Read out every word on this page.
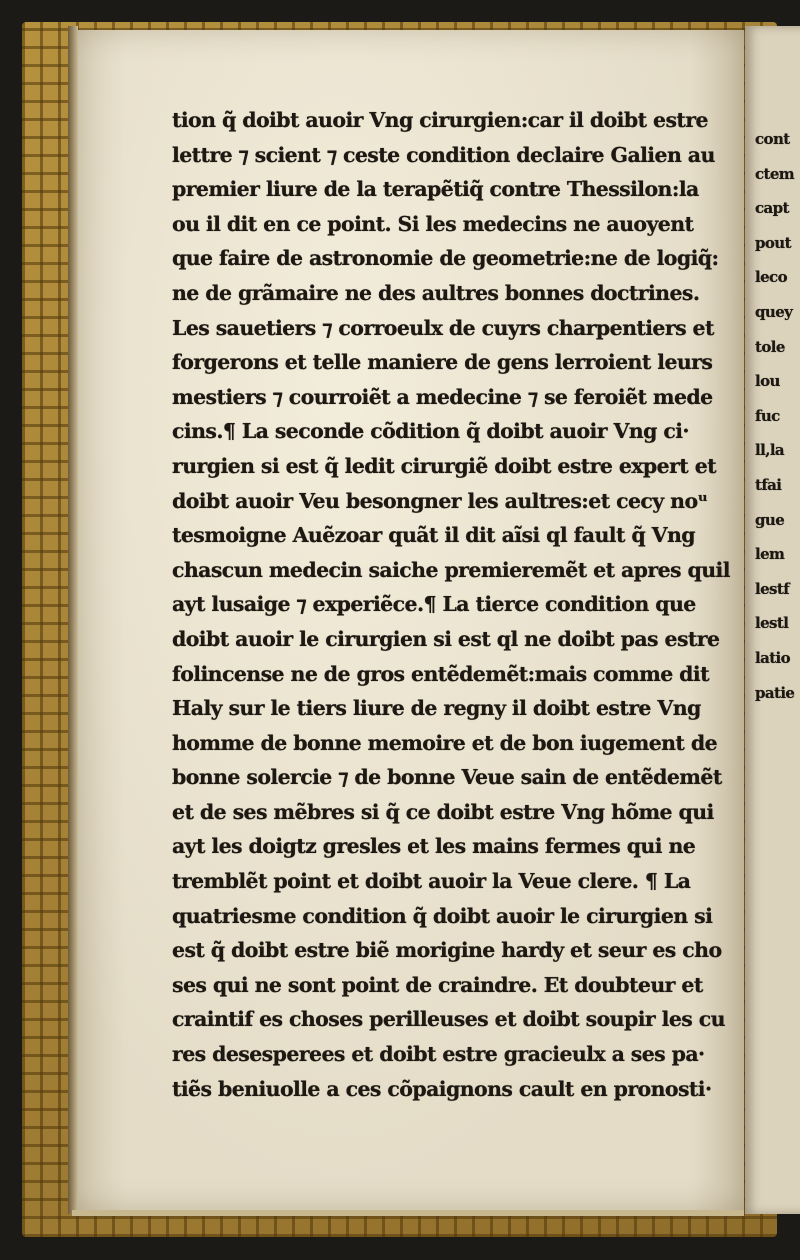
cont
ctem
capt
pout
leco
quey
tole
lou
fuc
ll,la
tfai
gue
lem
lestf
lestl
latio
patie
tion q̃ doibt auoir Vng cirurgien:car il doibt estre
lettre ⁊ scient ⁊ ceste condition declaire Galien au
premier liure de la terapẽtiq̃ contre Thessilon:la
ou il dit en ce point. Si les medecins ne auoyent
que faire de astronomie de geometrie:ne de logiq̃:
ne de grãmaire ne des aultres bonnes doctrines.
Les sauetiers ⁊ corroeulx de cuyrs charpentiers et
forgerons et telle maniere de gens lerroient leurs
mestiers ⁊ courroiẽt a medecine ⁊ se feroiẽt mede
cins.¶ La seconde cõdition q̃ doibt auoir Vng ci·
rurgien si est q̃ ledit cirurgiẽ doibt estre expert et
doibt auoir Veu besongner les aultres:et cecy noᵘ
tesmoigne Auẽzoar quãt il dit aĩsi ql fault q̃ Vng
chascun medecin saiche premieremẽt et apres quil
ayt lusaige ⁊ experiẽce.¶ La tierce condition que
doibt auoir le cirurgien si est ql ne doibt pas estre
folincense ne de gros entẽdemẽt:mais comme dit
Haly sur le tiers liure de regny il doibt estre Vng
homme de bonne memoire et de bon iugement de
bonne solercie ⁊ de bonne Veue sain de entẽdemẽt
et de ses mẽbres si q̃ ce doibt estre Vng hõme qui
ayt les doigtz gresles et les mains fermes qui ne
tremblẽt point et doibt auoir la Veue clere. ¶ La
quatriesme condition q̃ doibt auoir le cirurgien si
est q̃ doibt estre biẽ morigine hardy et seur es cho
ses qui ne sont point de craindre. Et doubteur et
craintif es choses perilleuses et doibt soupir les cu
res desesperees et doibt estre gracieulx a ses pa·
tiẽs beniuolle a ces cõpaignons cault en pronosti·
